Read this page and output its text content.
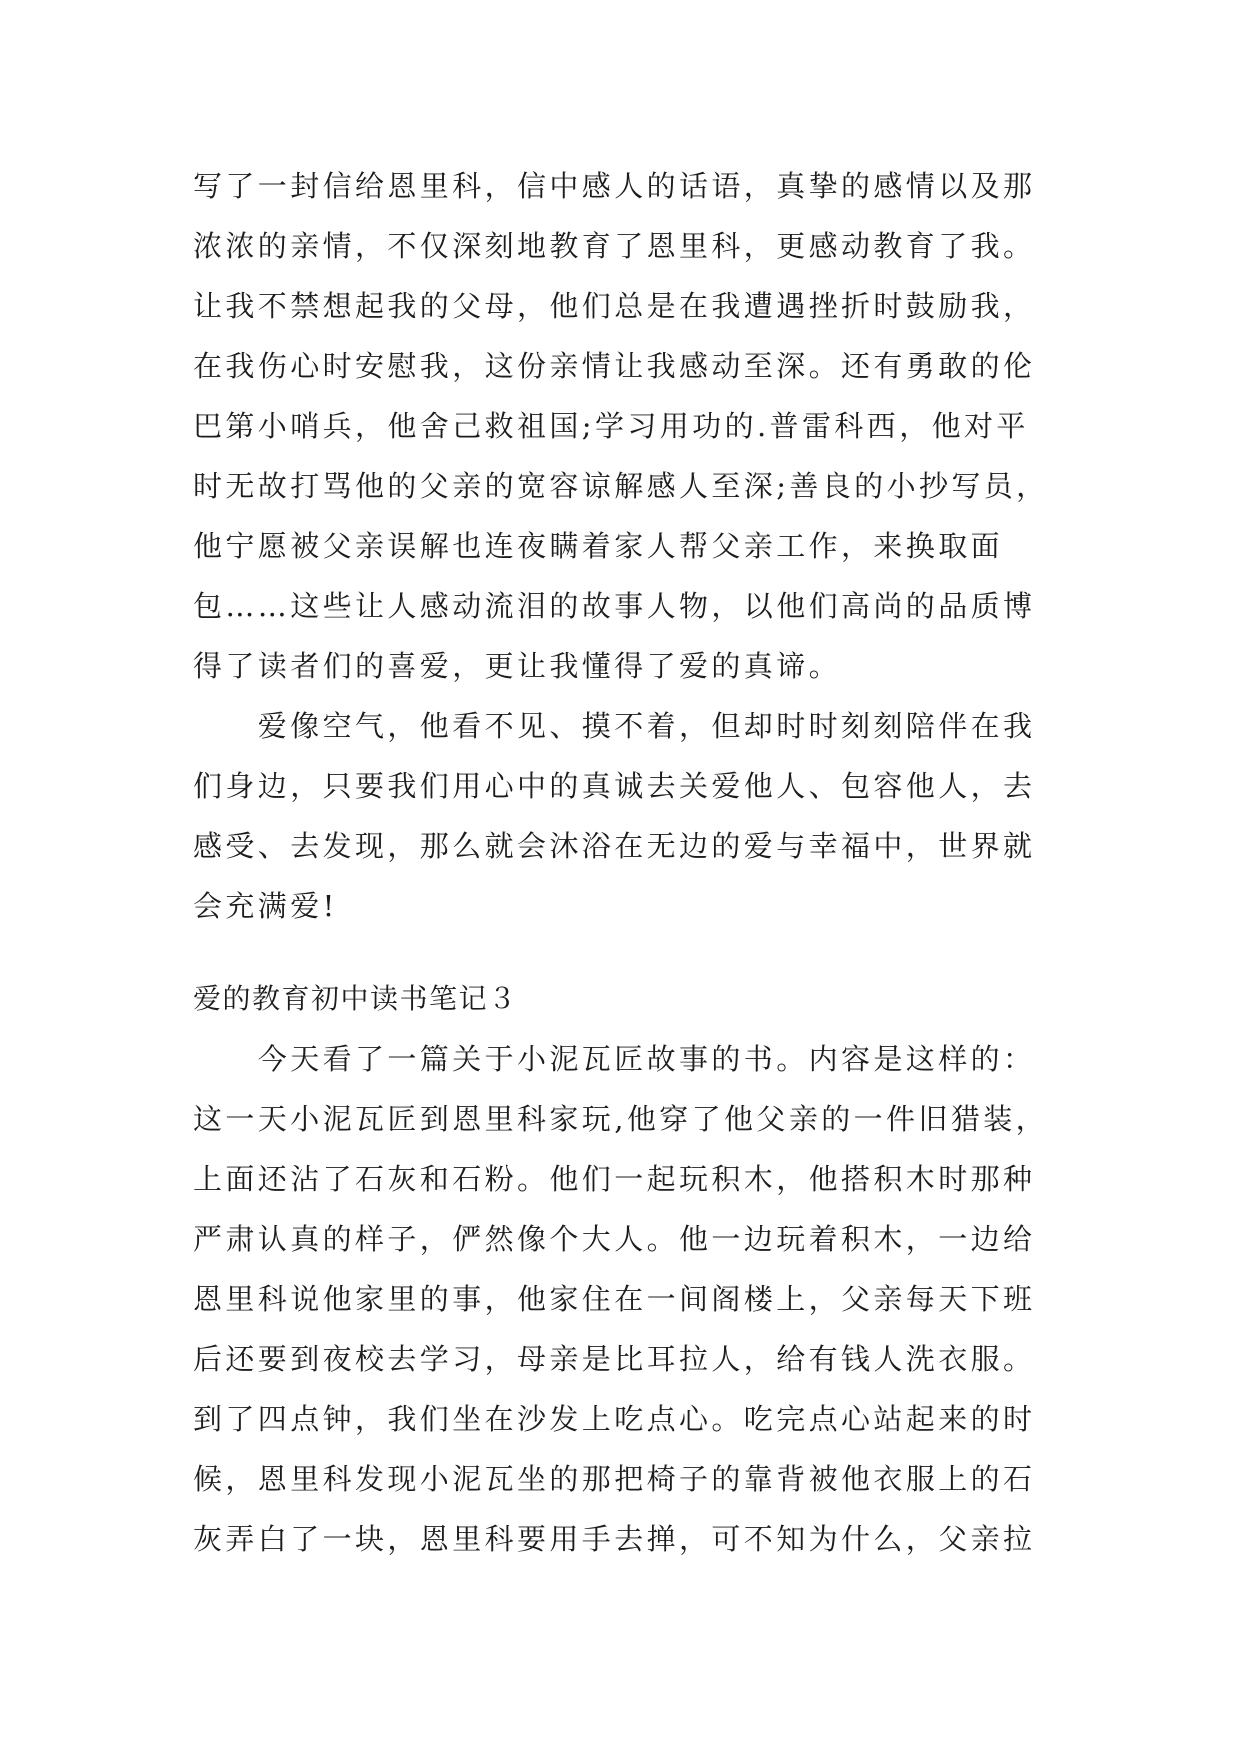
写了一封信给恩里科，信中感人的话语，真挚的感情以及那
浓浓的亲情，不仅深刻地教育了恩里科，更感动教育了我。
让我不禁想起我的父母，他们总是在我遭遇挫折时鼓励我，
在我伤心时安慰我，这份亲情让我感动至深。还有勇敢的伦
巴第小哨兵，他舍己救祖国;学习用功的.普雷科西，他对平
时无故打骂他的父亲的宽容谅解感人至深;善良的小抄写员，
他宁愿被父亲误解也连夜瞒着家人帮父亲工作，来换取面
包……这些让人感动流泪的故事人物，以他们高尚的品质博
得了读者们的喜爱，更让我懂得了爱的真谛。
　　爱像空气，他看不见、摸不着，但却时时刻刻陪伴在我
们身边，只要我们用心中的真诚去关爱他人、包容他人，去
感受、去发现，那么就会沐浴在无边的爱与幸福中，世界就
会充满爱!
爱的教育初中读书笔记３
　　今天看了一篇关于小泥瓦匠故事的书。内容是这样的：
这一天小泥瓦匠到恩里科家玩,他穿了他父亲的一件旧猎装，
上面还沾了石灰和石粉。他们一起玩积木，他搭积木时那种
严肃认真的样子，俨然像个大人。他一边玩着积木，一边给
恩里科说他家里的事，他家住在一间阁楼上，父亲每天下班
后还要到夜校去学习，母亲是比耳拉人，给有钱人洗衣服。
到了四点钟，我们坐在沙发上吃点心。吃完点心站起来的时
候，恩里科发现小泥瓦坐的那把椅子的靠背被他衣服上的石
灰弄白了一块，恩里科要用手去掸，可不知为什么，父亲拉
